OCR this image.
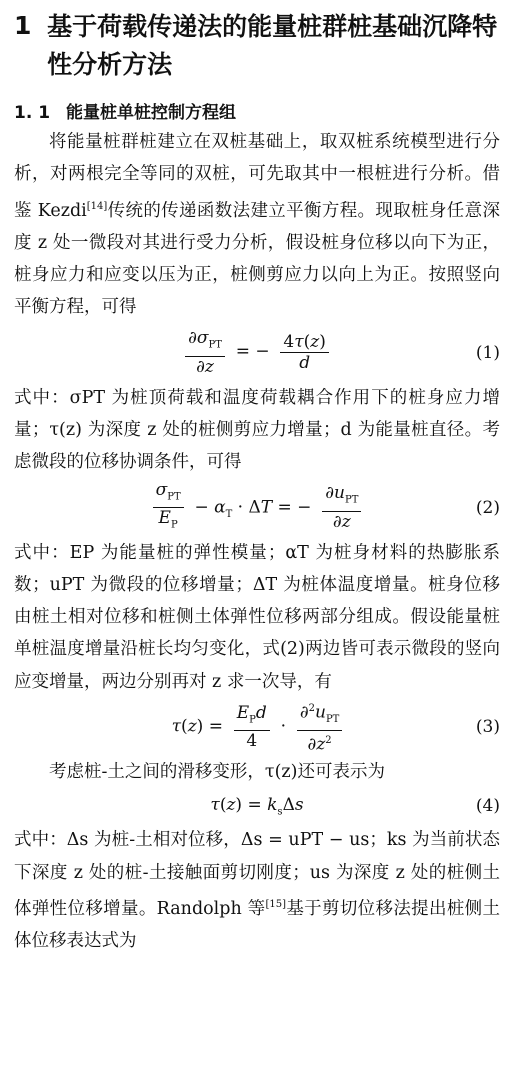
1 基于荷载传递法的能量桩群桩基础沉降特性分析方法
1. 1 能量桩单桩控制方程组

将能量桩群桩建立在双桩基础上，取双桩系统模型进行分析，对两根完全等同的双桩，可先取其中一根桩进行分析。借鉴 Kezdi[14]传统的传递函数法建立平衡方程。现取桩身任意深度 z 处一微段对其进行受力分析，假设桩身位移以向下为正，桩身应力和应变以压为正，桩侧剪应力以向上为正。按照竖向平衡方程，可得

$\frac{\partial\sigma_{PT}}{\partial z}$ = − $\frac{4\tau(z)}{d}$	(1)

式中：σPT 为桩顶荷载和温度荷载耦合作用下的桩身应力增量；τ(z) 为深度 z 处的桩侧剪应力增量；d 为能量桩直径。考虑微段的位移协调条件，可得

$\frac{\sigma_{PT}}{E_P} - \alpha_T \cdot \Delta T$ = − $\frac{\partial u_{PT}}{\partial z}$	(2)

式中：EP 为能量桩的弹性模量；αT 为桩身材料的热膨胀系数；uPT 为微段的位移增量；ΔT 为桩体温度增量。桩身位移由桩土相对位移和桩侧土体弹性位移两部分组成。假设能量桩单桩温度增量沿桩长均匀变化，式(2)两边皆可表示微段的竖向应变增量，两边分别再对 z 求一次导，有

$\tau(z) = \frac{E_Pd}{4} \cdot \frac{\partial^2u_{PT}}{\partial z^2}$	(3)

考虑桩-土之间的滑移变形，τ(z)还可表示为

$\tau(z) = k_s\Delta s$	(4)

式中：Δs 为桩-土相对位移，Δs = uPT − us；ks 为当前状态下深度 z 处的桩-土接触面剪切刚度；us 为深度 z 处的桩侧土体弹性位移增量。Randolph 等[15]基于剪切位移法提出桩侧土体位移表达式为
